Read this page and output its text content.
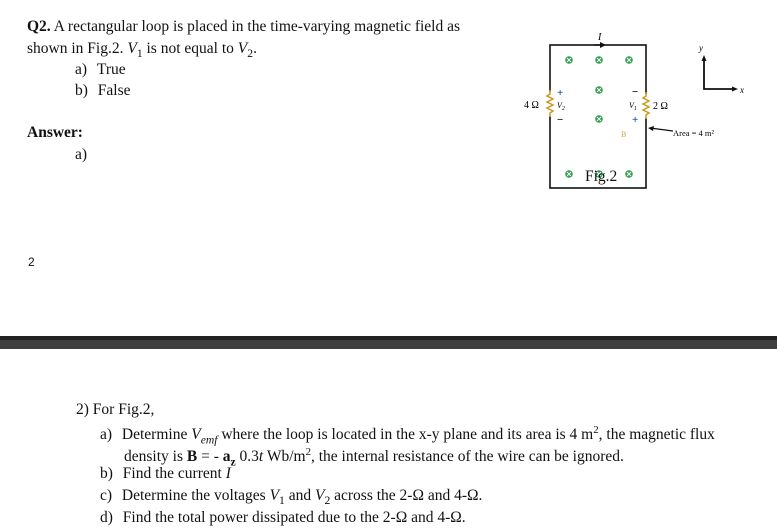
Q2. A rectangular loop is placed in the time-varying magnetic field as
shown in Fig.2. $V_1$ is not equal to $V_2$.
a) True
b) False
Answer:
a)
2
I
B
4 Ω
+
−
$V_2$	2 Ω
−
+
$V_1$
Area = 4 m²
y
x
Fig.2
2) For Fig.2,
a) Determine $V_{emf}$ where the loop is located in the x-y plane and its area is 4 $m^2$, the magnetic flux
density is B = - $a_z$ 0.3t $Wb/m^2$, the internal resistance of the wire can be ignored.
b) Find the current I
c) Determine the voltages $V_1$ and $V_2$ across the 2-Ω and 4-Ω.
d) Find the total power dissipated due to the 2-Ω and 4-Ω.
